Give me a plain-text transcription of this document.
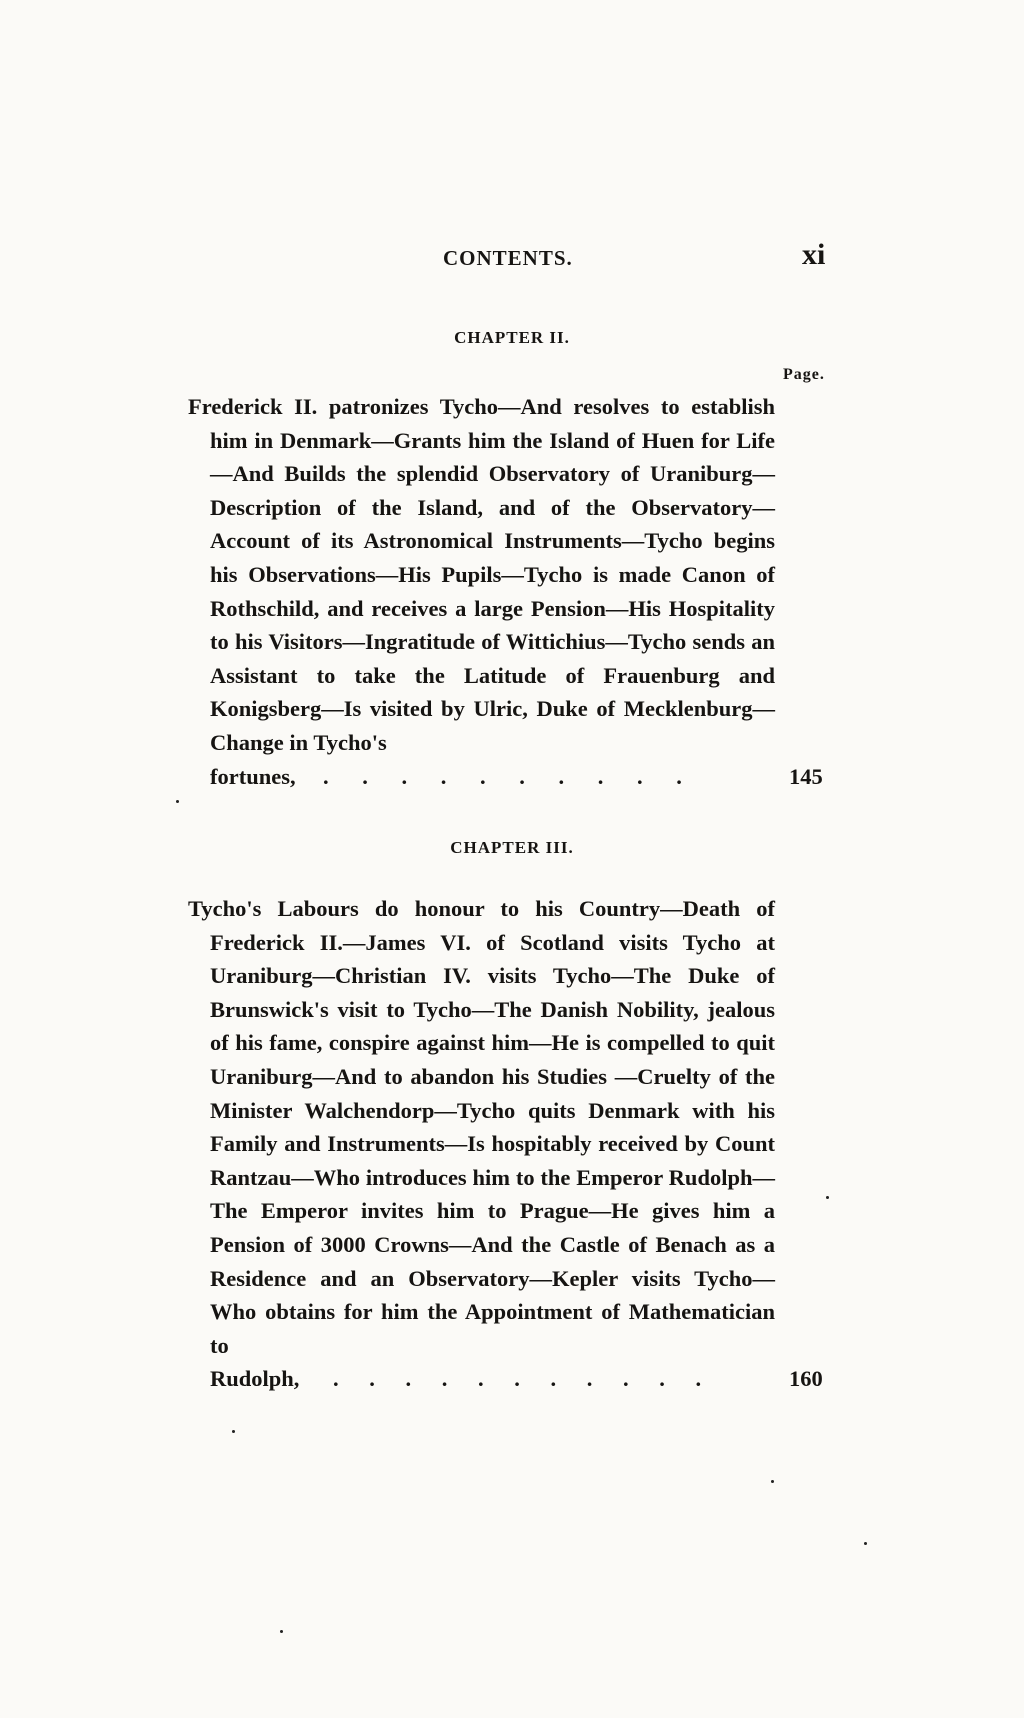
CONTENTS.	xi
CHAPTER II.
Page.
Frederick II. patronizes Tycho—And resolves to establish him in Denmark—Grants him the Island of Huen for Life—And Builds the splendid Observatory of Uraniburg—Description of the Island, and of the Observatory—Account of its Astronomical Instruments—Tycho begins his Observations—His Pupils—Tycho is made Canon of Rothschild, and receives a large Pension—His Hospitality to his Visitors—Ingratitude of Wittichius—Tycho sends an Assistant to take the Latitude of Frauenburg and Konigsberg—Is visited by Ulric, Duke of Mecklenburg—Change in Tycho's
fortunes, . . . . . . . . . .	145
CHAPTER III.
Tycho's Labours do honour to his Country—Death of Frederick II.—James VI. of Scotland visits Tycho at Uraniburg—Christian IV. visits Tycho—The Duke of Brunswick's visit to Tycho—The Danish Nobility, jealous of his fame, conspire against him—He is compelled to quit Uraniburg—And to abandon his Studies —Cruelty of the Minister Walchendorp—Tycho quits Denmark with his Family and Instruments—Is hospitably received by Count Rantzau—Who introduces him to the Emperor Rudolph—The Emperor invites him to Prague—He gives him a Pension of 3000 Crowns—And the Castle of Benach as a Residence and an Observatory—Kepler visits Tycho—Who obtains for him the Appointment of Mathematician to
Rudolph, . . . . . . . . . . .	160
